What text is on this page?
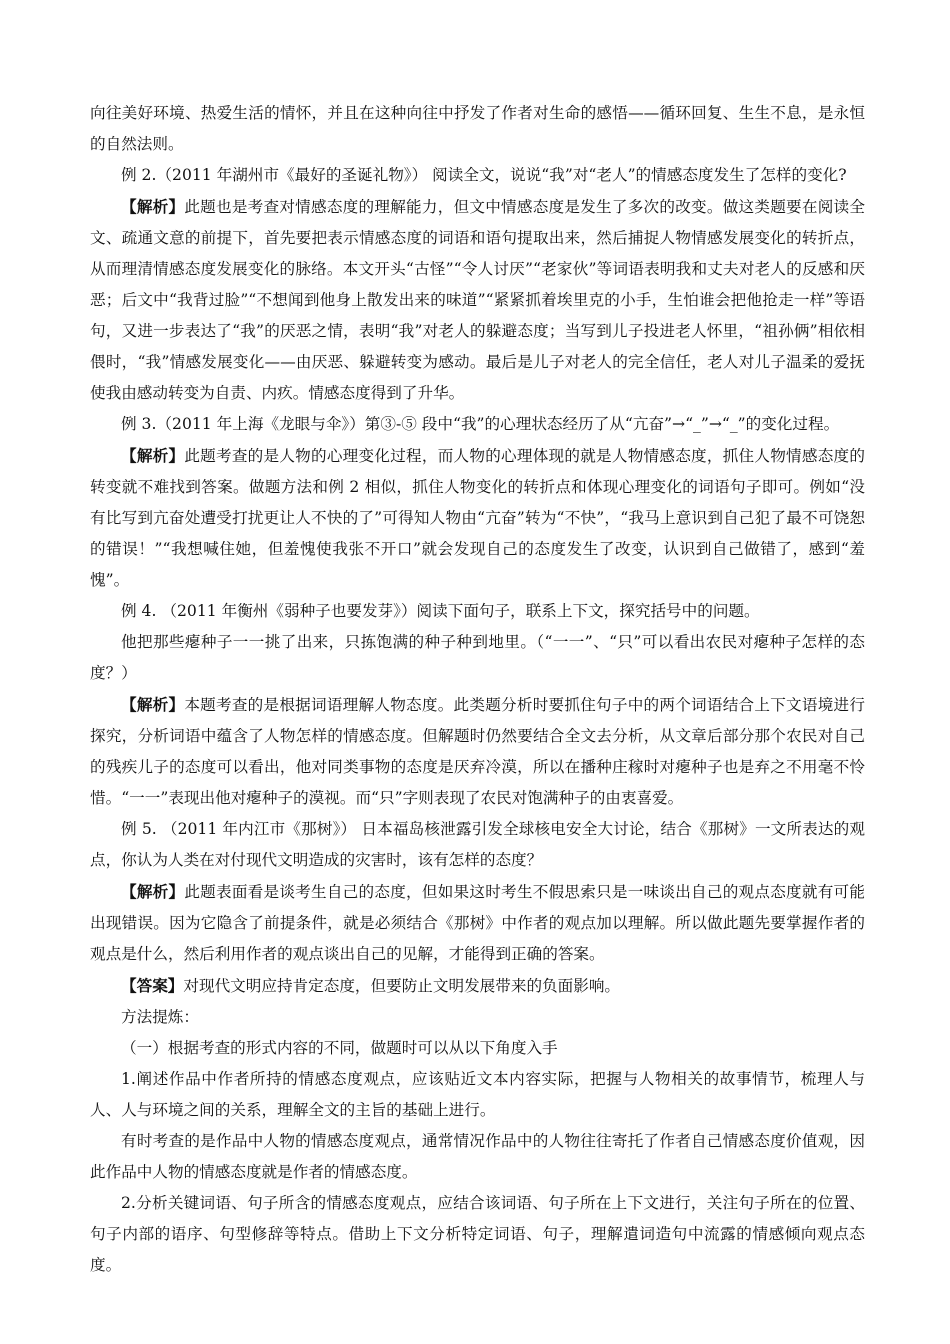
向往美好环境、热爱生活的情怀，并且在这种向往中抒发了作者对生命的感悟——循环回复、生生不息，是永恒的自然法则。

例 2.（2011 年湖州市《最好的圣诞礼物》） 阅读全文，说说“我”对“老人”的情感态度发生了怎样的变化?

【解析】此题也是考查对情感态度的理解能力，但文中情感态度是发生了多次的改变。做这类题要在阅读全文、疏通文意的前提下，首先要把表示情感态度的词语和语句提取出来，然后捕捉人物情感发展变化的转折点，从而理清情感态度发展变化的脉络。本文开头“古怪”“令人讨厌”“老家伙”等词语表明我和丈夫对老人的反感和厌恶；后文中“我背过脸”“不想闻到他身上散发出来的味道”“紧紧抓着埃里克的小手，生怕谁会把他抢走一样”等语句，又进一步表达了“我”的厌恶之情，表明“我”对老人的躲避态度；当写到儿子投进老人怀里，“祖孙俩”相依相偎时，“我”情感发展变化——由厌恶、躲避转变为感动。最后是儿子对老人的完全信任，老人对儿子温柔的爱抚使我由感动转变为自责、内疚。情感态度得到了升华。

例 3.（2011 年上海《龙眼与伞》）第③-⑤ 段中“我”的心理状态经历了从“亢奋”→“_”→“_”的变化过程。

【解析】此题考查的是人物的心理变化过程，而人物的心理体现的就是人物情感态度，抓住人物情感态度的转变就不难找到答案。做题方法和例 2 相似，抓住人物变化的转折点和体现心理变化的词语句子即可。例如“没有比写到亢奋处遭受打扰更让人不快的了”可得知人物由“亢奋”转为“不快”，“我马上意识到自己犯了最不可饶恕的错误！”“我想喊住她，但羞愧使我张不开口”就会发现自己的态度发生了改变，认识到自己做错了，感到“羞愧”。

例 4. （2011 年衡州《弱种子也要发芽》）阅读下面句子，联系上下文，探究括号中的问题。

他把那些瘪种子一一挑了出来，只拣饱满的种子种到地里。（“一一”、“只”可以看出农民对瘪种子怎样的态度？）

【解析】本题考查的是根据词语理解人物态度。此类题分析时要抓住句子中的两个词语结合上下文语境进行探究，分析词语中蕴含了人物怎样的情感态度。但解题时仍然要结合全文去分析，从文章后部分那个农民对自己的残疾儿子的态度可以看出，他对同类事物的态度是厌弃冷漠，所以在播种庄稼时对瘪种子也是弃之不用毫不怜惜。“一一”表现出他对瘪种子的漠视。而“只”字则表现了农民对饱满种子的由衷喜爱。

例 5. （2011 年内江市《那树》） 日本福岛核泄露引发全球核电安全大讨论，结合《那树》一文所表达的观点，你认为人类在对付现代文明造成的灾害时，该有怎样的态度？

【解析】此题表面看是谈考生自己的态度，但如果这时考生不假思索只是一味谈出自己的观点态度就有可能出现错误。因为它隐含了前提条件，就是必须结合《那树》中作者的观点加以理解。所以做此题先要掌握作者的观点是什么，然后利用作者的观点谈出自己的见解，才能得到正确的答案。

【答案】对现代文明应持肯定态度，但要防止文明发展带来的负面影响。

方法提炼：

（一）根据考查的形式内容的不同，做题时可以从以下角度入手

1.阐述作品中作者所持的情感态度观点，应该贴近文本内容实际，把握与人物相关的故事情节，梳理人与人、人与环境之间的关系，理解全文的主旨的基础上进行。

有时考查的是作品中人物的情感态度观点，通常情况作品中的人物往往寄托了作者自己情感态度价值观，因此作品中人物的情感态度就是作者的情感态度。

2.分析关键词语、句子所含的情感态度观点，应结合该词语、句子所在上下文进行，关注句子所在的位置、句子内部的语序、句型修辞等特点。借助上下文分析特定词语、句子，理解遣词造句中流露的情感倾向观点态度。
